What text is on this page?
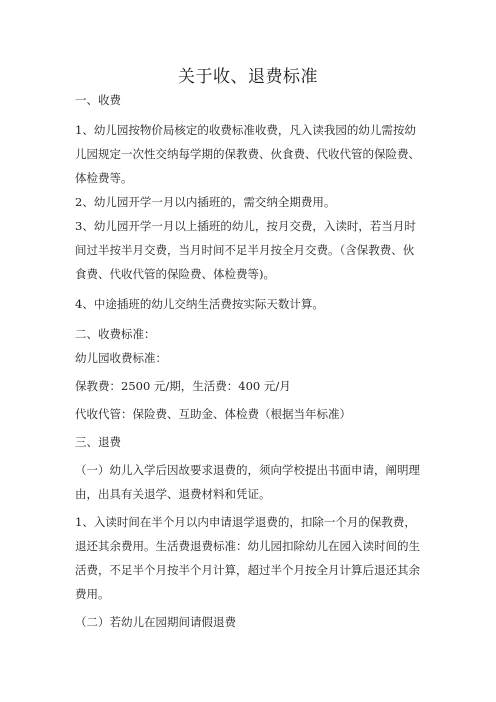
关于收、退费标准
一、收费
1、幼儿园按物价局核定的收费标准收费，凡入读我园的幼儿需按幼
儿园规定一次性交纳每学期的保教费、伙食费、代收代管的保险费、
体检费等。
2、幼儿园开学一月以内插班的，需交纳全期费用。
3、幼儿园开学一月以上插班的幼儿，按月交费，入读时，若当月时
间过半按半月交费，当月时间不足半月按全月交费。（含保教费、伙
食费、代收代管的保险费、体检费等)。
4、中途插班的幼儿交纳生活费按实际天数计算。
二、收费标准：
幼儿园收费标准：
保教费：2500 元/期，生活费：400 元/月
代收代管：保险费、互助金、体检费（根据当年标准）
三、退费
（一）幼儿入学后因故要求退费的，须向学校提出书面申请，阐明理
由，出具有关退学、退费材料和凭证。
1、入读时间在半个月以内申请退学退费的，扣除一个月的保教费，
退还其余费用。生活费退费标准：幼儿园扣除幼儿在园入读时间的生
活费，不足半个月按半个月计算，超过半个月按全月计算后退还其余
费用。
（二）若幼儿在园期间请假退费
